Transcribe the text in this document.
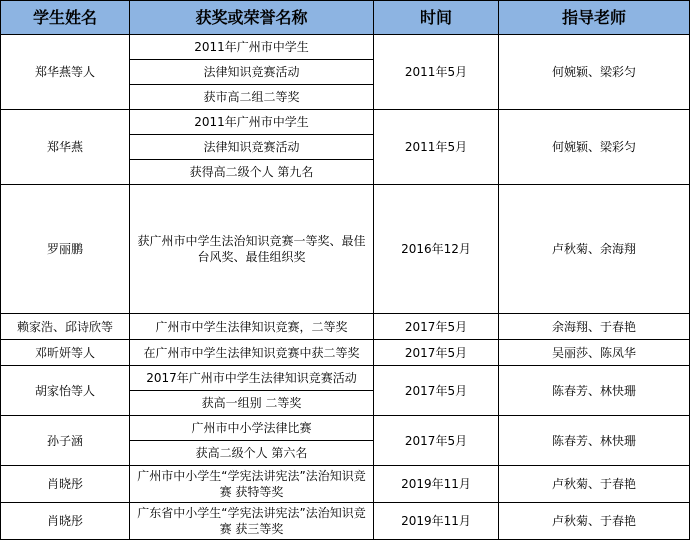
学生姓名	获奖或荣誉名称	时间	指导老师
郑华燕等人	2011年广州市中学生	2011年5月	何婉颖、梁彩匀
	法律知识竞赛活动		
	获市高二组二等奖		
郑华燕	2011年广州市中学生	2011年5月	何婉颖、梁彩匀
	法律知识竞赛活动		
	获得高二级个人 第九名		
罗丽鹏	获广州市中学生法治知识竞赛一等奖、最佳台风奖、最佳组织奖	2016年12月	卢秋菊、余海翔
赖家浩、邱诗欣等	广州市中学生法律知识竞赛，二等奖	2017年5月	余海翔、于春艳
邓昕妍等人	在广州市中学生法律知识竞赛中获二等奖	2017年5月	吴丽莎、陈凤华
胡家怡等人	2017年广州市中学生法律知识竞赛活动	2017年5月	陈春芳、林快珊
	获高一组别 二等奖		
孙子涵	广州市中小学法律比赛	2017年5月	陈春芳、林快珊
	获高二级个人 第六名		
肖晓彤	广州市中小学生“学宪法讲宪法”法治知识竞赛 获特等奖	2019年11月	卢秋菊、于春艳
肖晓彤	广东省中小学生“学宪法讲宪法”法治知识竞赛 获三等奖	2019年11月	卢秋菊、于春艳
